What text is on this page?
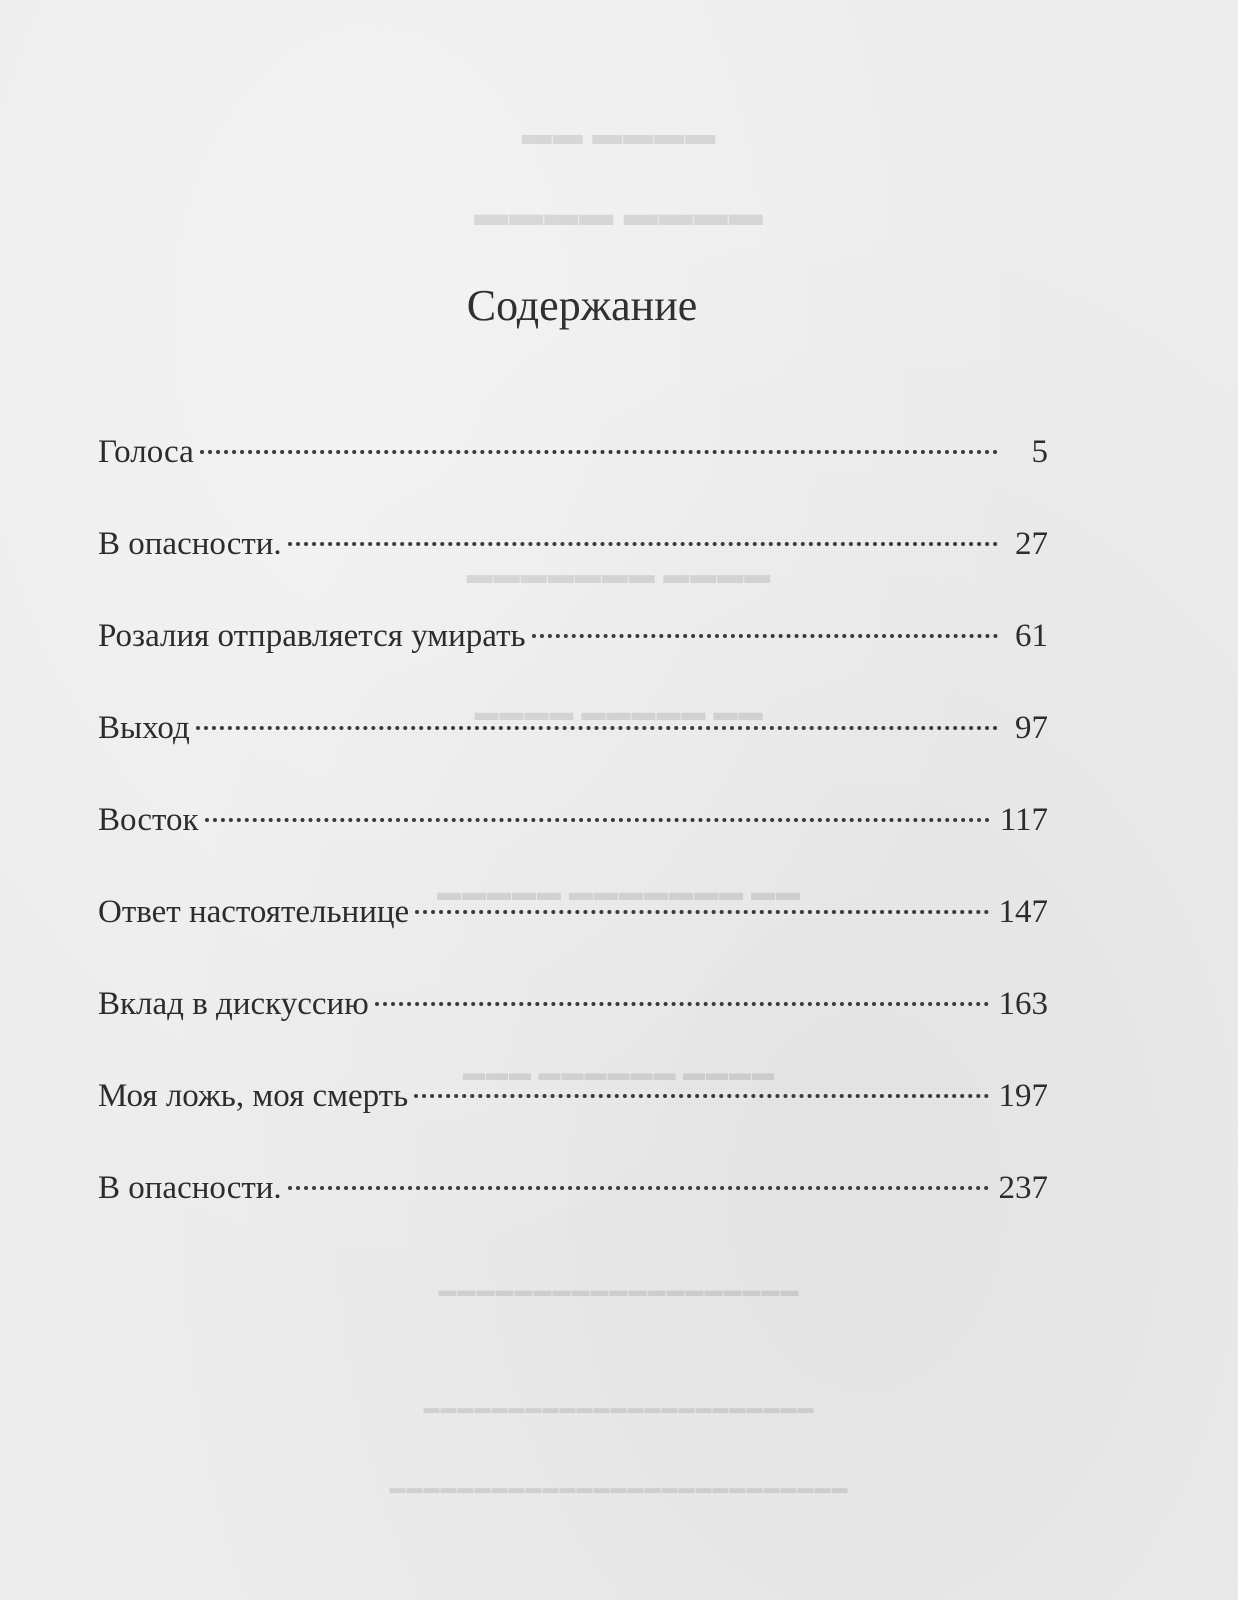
▬▬ ▬▬▬▬
▬▬▬▬ ▬▬▬▬
▬▬▬▬▬▬▬ ▬▬▬▬
▬▬▬▬ ▬▬▬▬▬ ▬▬
▬▬▬▬▬ ▬▬▬▬▬▬▬ ▬▬
▬▬▬ ▬▬▬▬▬▬ ▬▬▬▬
▬▬▬▬▬▬▬▬▬▬▬▬▬▬▬▬▬▬▬
▬▬▬▬▬▬▬▬▬▬▬▬▬▬▬▬▬▬▬▬▬▬▬
▬▬▬▬▬▬▬▬▬▬▬▬▬▬▬▬▬▬▬▬▬▬▬▬▬▬▬
Содержание
Голоса	5
В опасности.	27
Розалия отправляется умирать	61
Выход	97
Восток	117
Ответ настоятельнице	147
Вклад в дискуссию	163
Моя ложь, моя смерть	197
В опасности.	237
